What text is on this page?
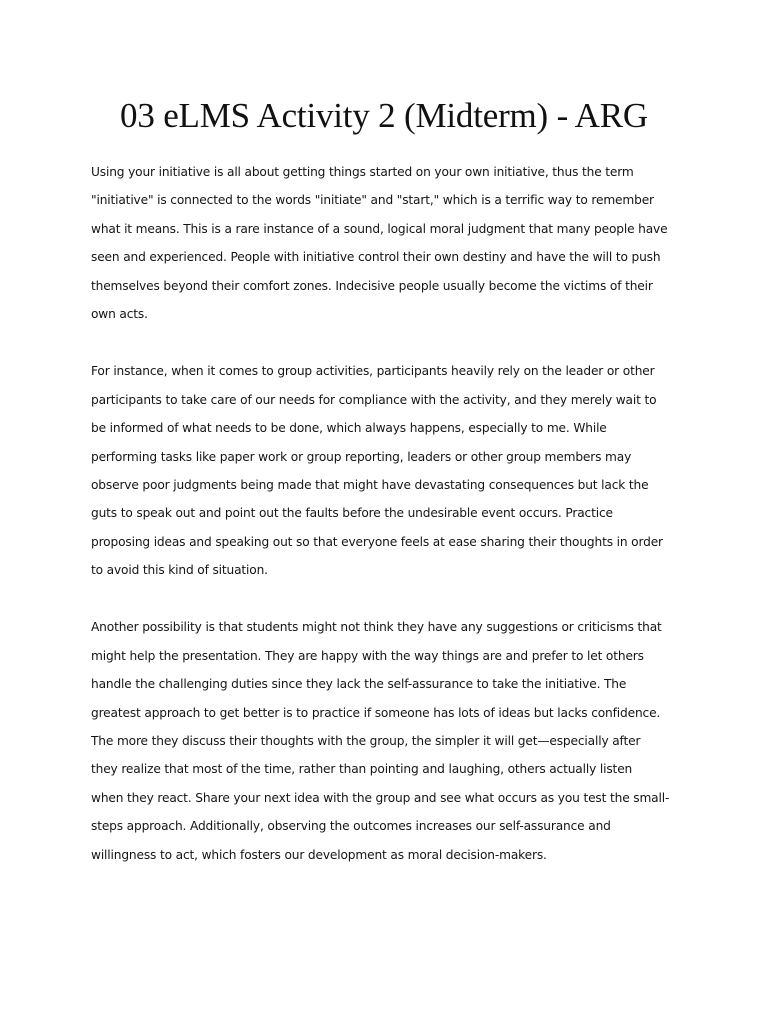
03 eLMS Activity 2 (Midterm) - ARG

Using your initiative is all about getting things started on your own initiative, thus the term
"initiative" is connected to the words "initiate" and "start," which is a terrific way to remember
what it means. This is a rare instance of a sound, logical moral judgment that many people have
seen and experienced. People with initiative control their own destiny and have the will to push
themselves beyond their comfort zones. Indecisive people usually become the victims of their
own acts.

For instance, when it comes to group activities, participants heavily rely on the leader or other
participants to take care of our needs for compliance with the activity, and they merely wait to
be informed of what needs to be done, which always happens, especially to me. While
performing tasks like paper work or group reporting, leaders or other group members may
observe poor judgments being made that might have devastating consequences but lack the
guts to speak out and point out the faults before the undesirable event occurs. Practice
proposing ideas and speaking out so that everyone feels at ease sharing their thoughts in order
to avoid this kind of situation.

Another possibility is that students might not think they have any suggestions or criticisms that
might help the presentation. They are happy with the way things are and prefer to let others
handle the challenging duties since they lack the self-assurance to take the initiative. The
greatest approach to get better is to practice if someone has lots of ideas but lacks confidence.
The more they discuss their thoughts with the group, the simpler it will get—especially after
they realize that most of the time, rather than pointing and laughing, others actually listen
when they react. Share your next idea with the group and see what occurs as you test the small-
steps approach. Additionally, observing the outcomes increases our self-assurance and
willingness to act, which fosters our development as moral decision-makers.
